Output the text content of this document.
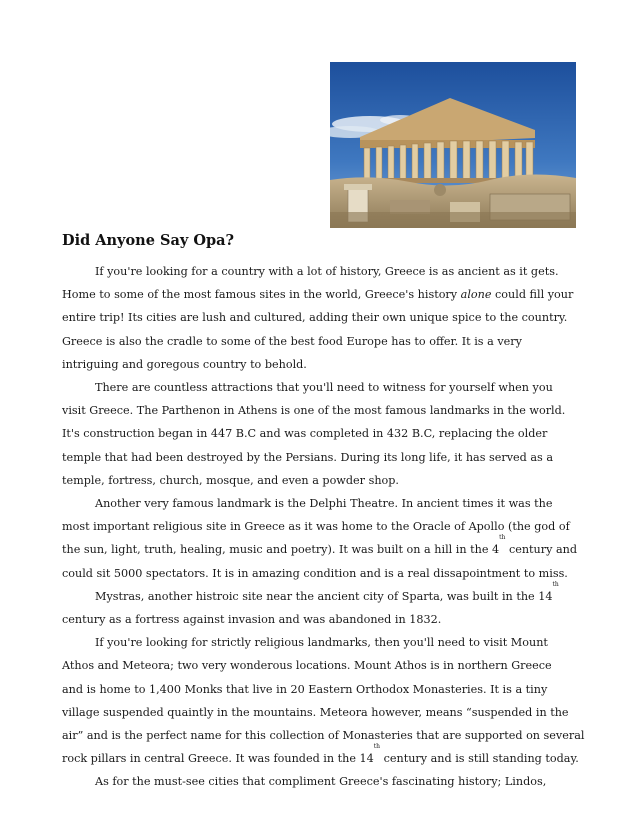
Did Anyone Say Opa?

If you're looking for a country with a lot of history, Greece is as ancient as it gets.
Home to some of the most famous sites in the world, Greece's history alone could fill your
entire trip! Its cities are lush and cultured, adding their own unique spice to the country.
Greece is also the cradle to some of the best food Europe has to offer. It is a very
intriguing and goregous country to behold.

There are countless attractions that you'll need to witness for yourself when you
visit Greece. The Parthenon in Athens is one of the most famous landmarks in the world.
It's construction began in 447 B.C and was completed in 432 B.C, replacing the older
temple that had been destroyed by the Persians. During its long life, it has served as a
temple, fortress, church, mosque, and even a powder shop.

Another very famous landmark is the Delphi Theatre. In ancient times it was the
most important religious site in Greece as it was home to the Oracle of Apollo (the god of
the sun, light, truth, healing, music and poetry). It was built on a hill in the 4th century and
could sit 5000 spectators. It is in amazing condition and is a real dissapointment to miss.

Mystras, another histroic site near the ancient city of Sparta, was built in the 14th
century as a fortress against invasion and was abandoned in 1832.

If you're looking for strictly religious landmarks, then you'll need to visit Mount
Athos and Meteora; two very wonderous locations. Mount Athos is in northern Greece
and is home to 1,400 Monks that live in 20 Eastern Orthodox Monasteries. It is a tiny
village suspended quaintly in the mountains. Meteora however, means “suspended in the
air” and is the perfect name for this collection of Monasteries that are supported on several
rock pillars in central Greece. It was founded in the 14th century and is still standing today.

As for the must-see cities that compliment Greece's fascinating history; Lindos,
